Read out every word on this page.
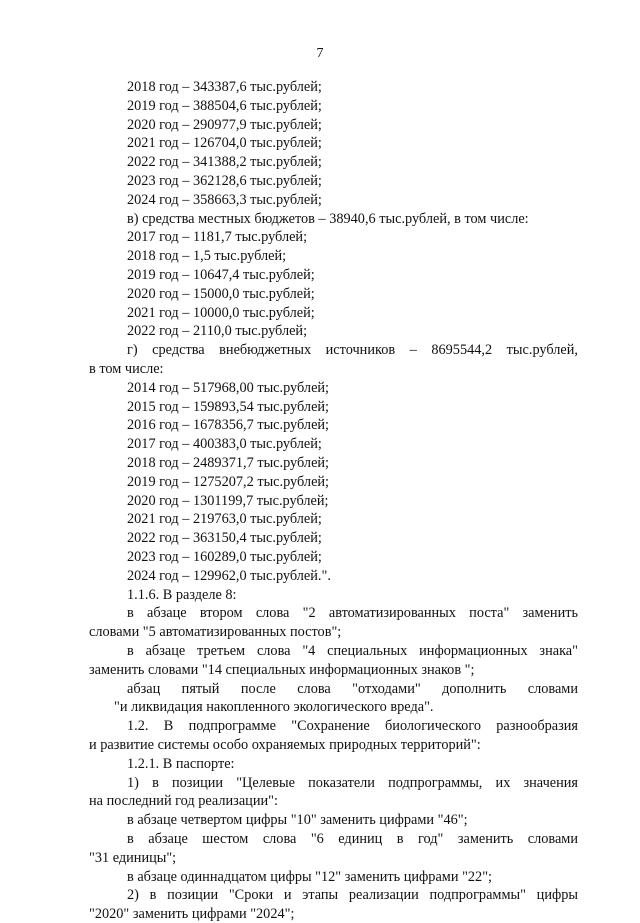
7
2018 год – 343387,6 тыс.рублей;
2019 год – 388504,6 тыс.рублей;
2020 год – 290977,9 тыс.рублей;
2021 год – 126704,0 тыс.рублей;
2022 год – 341388,2 тыс.рублей;
2023 год – 362128,6 тыс.рублей;
2024 год – 358663,3 тыс.рублей;
в) средства местных бюджетов – 38940,6 тыс.рублей, в том числе:
2017 год – 1181,7 тыс.рублей;
2018 год – 1,5 тыс.рублей;
2019 год – 10647,4 тыс.рублей;
2020 год – 15000,0 тыс.рублей;
2021 год – 10000,0 тыс.рублей;
2022 год – 2110,0 тыс.рублей;
г) средства внебюджетных источников – 8695544,2 тыс.рублей,
в том числе:
2014 год – 517968,00 тыс.рублей;
2015 год – 159893,54 тыс.рублей;
2016 год – 1678356,7 тыс.рублей;
2017 год – 400383,0 тыс.рублей;
2018 год – 2489371,7 тыс.рублей;
2019 год – 1275207,2 тыс.рублей;
2020 год – 1301199,7 тыс.рублей;
2021 год – 219763,0 тыс.рублей;
2022 год – 363150,4 тыс.рублей;
2023 год – 160289,0 тыс.рублей;
2024 год – 129962,0 тыс.рублей.".
1.1.6. В разделе 8:
в абзаце втором слова "2 автоматизированных поста" заменить
словами "5 автоматизированных постов";
в абзаце третьем слова "4 специальных информационных знака"
заменить словами "14 специальных информационных знаков ";
абзац пятый после слова "отходами" дополнить словами
"и ликвидация накопленного экологического вреда".
1.2. В подпрограмме "Сохранение биологического разнообразия
и развитие системы особо охраняемых природных территорий":
1.2.1. В паспорте:
1) в позиции "Целевые показатели подпрограммы, их значения
на последний год реализации":
в абзаце четвертом цифры "10" заменить цифрами "46";
в абзаце шестом слова "6 единиц в год" заменить словами
"31 единицы";
в абзаце одиннадцатом цифры "12" заменить цифрами "22";
2) в позиции "Сроки и этапы реализации подпрограммы" цифры
"2020" заменить цифрами "2024";
